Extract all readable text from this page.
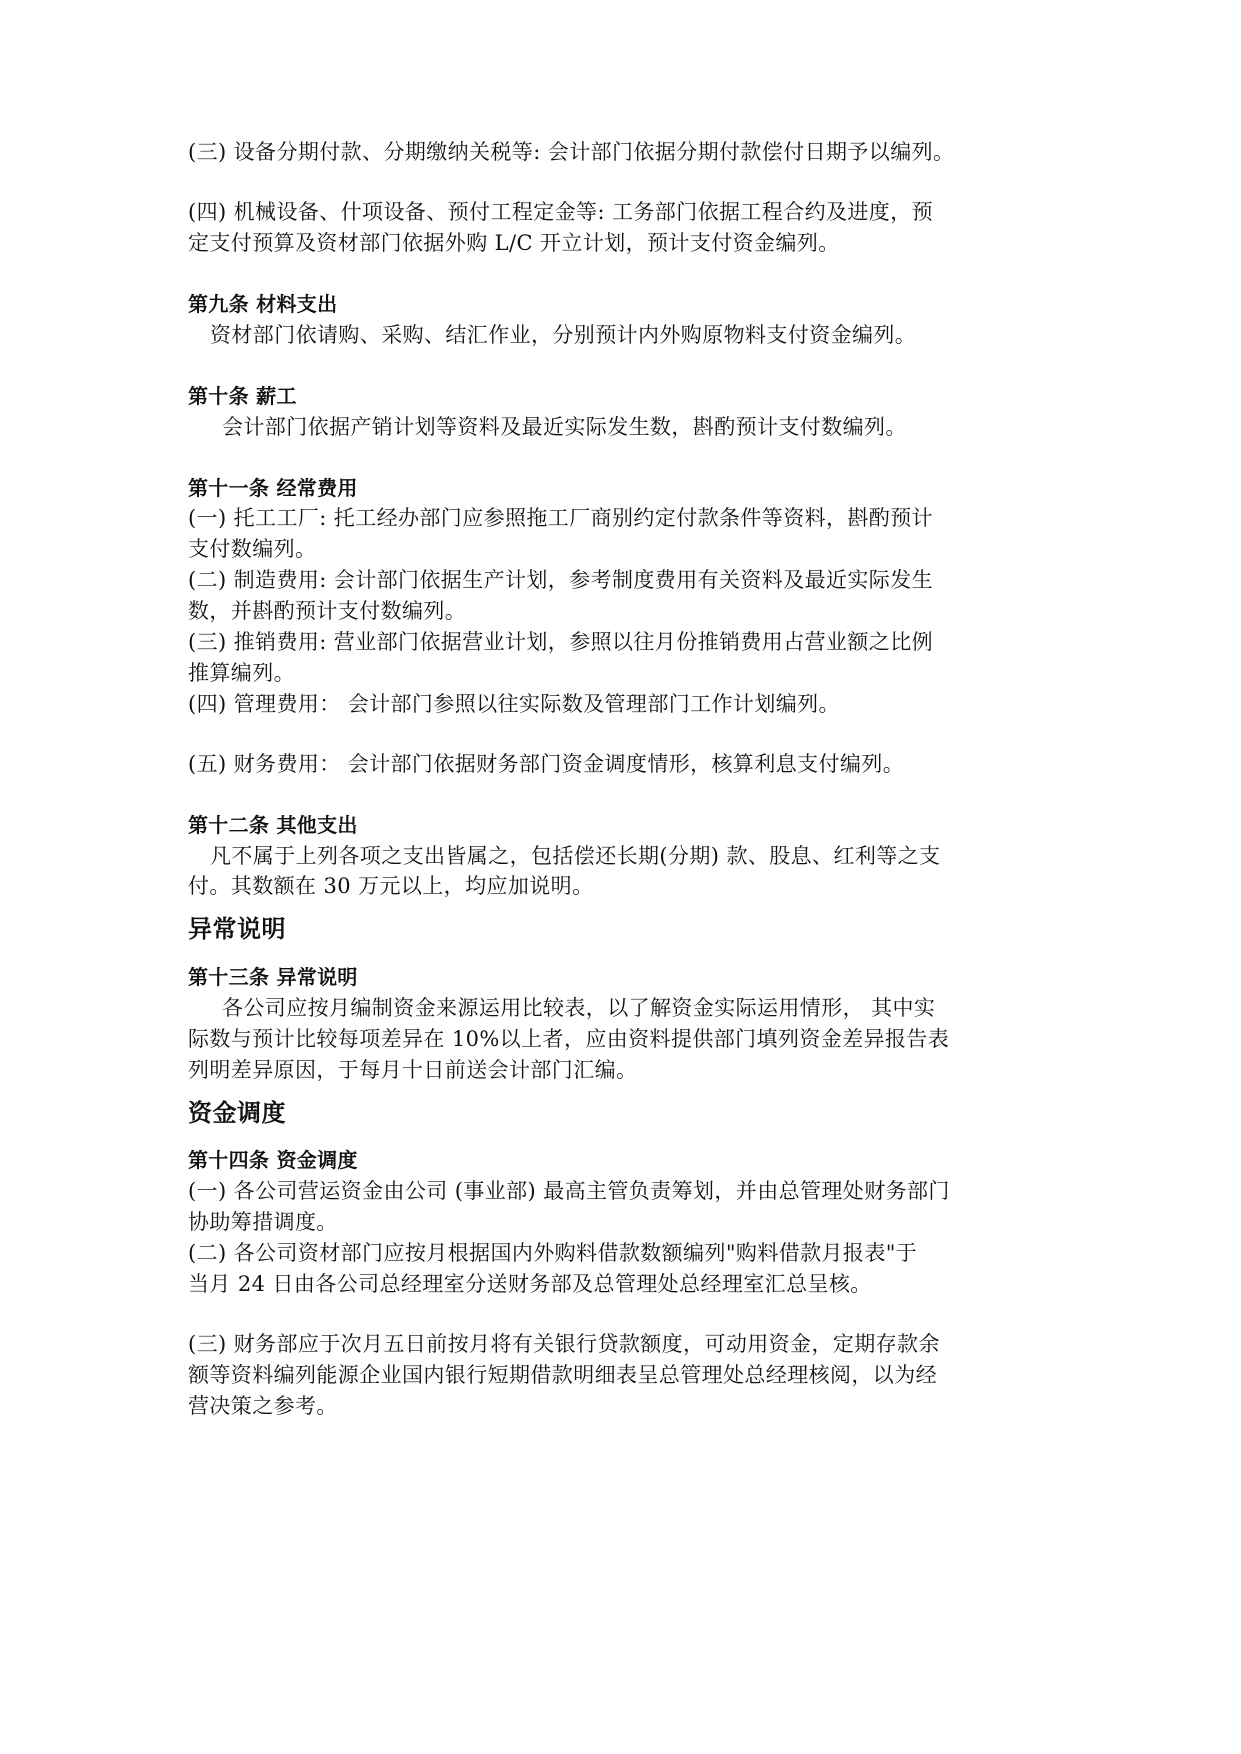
(三) 设备分期付款、分期缴纳关税等: 会计部门依据分期付款偿付日期予以编列。
(四) 机械设备、什项设备、预付工程定金等: 工务部门依据工程合约及进度，预
定支付预算及资材部门依据外购 L/C 开立计划，预计支付资金编列。
第九条 材料支出
资材部门依请购、采购、结汇作业，分别预计内外购原物料支付资金编列。
第十条 薪工
会计部门依据产销计划等资料及最近实际发生数，斟酌预计支付数编列。
第十一条 经常费用
(一) 托工工厂: 托工经办部门应参照拖工厂商别约定付款条件等资料，斟酌预计
支付数编列。
(二) 制造费用: 会计部门依据生产计划，参考制度费用有关资料及最近实际发生
数，并斟酌预计支付数编列。
(三) 推销费用: 营业部门依据营业计划，参照以往月份推销费用占营业额之比例
推算编列。
(四) 管理费用： 会计部门参照以往实际数及管理部门工作计划编列。
(五) 财务费用： 会计部门依据财务部门资金调度情形，核算利息支付编列。
第十二条 其他支出
凡不属于上列各项之支出皆属之，包括偿还长期(分期) 款、股息、红利等之支
付。其数额在 30 万元以上，均应加说明。
异常说明
第十三条 异常说明
各公司应按月编制资金来源运用比较表，以了解资金实际运用情形， 其中实
际数与预计比较每项差异在 10%以上者，应由资料提供部门填列资金差异报告表
列明差异原因，于每月十日前送会计部门汇编。
资金调度
第十四条 资金调度
(一) 各公司营运资金由公司 (事业部) 最高主管负责筹划，并由总管理处财务部门
协助筹措调度。
(二) 各公司资材部门应按月根据国内外购料借款数额编列"购料借款月报表"于
当月 24 日由各公司总经理室分送财务部及总管理处总经理室汇总呈核。
(三) 财务部应于次月五日前按月将有关银行贷款额度，可动用资金，定期存款余
额等资料编列能源企业国内银行短期借款明细表呈总管理处总经理核阅，以为经
营决策之参考。
